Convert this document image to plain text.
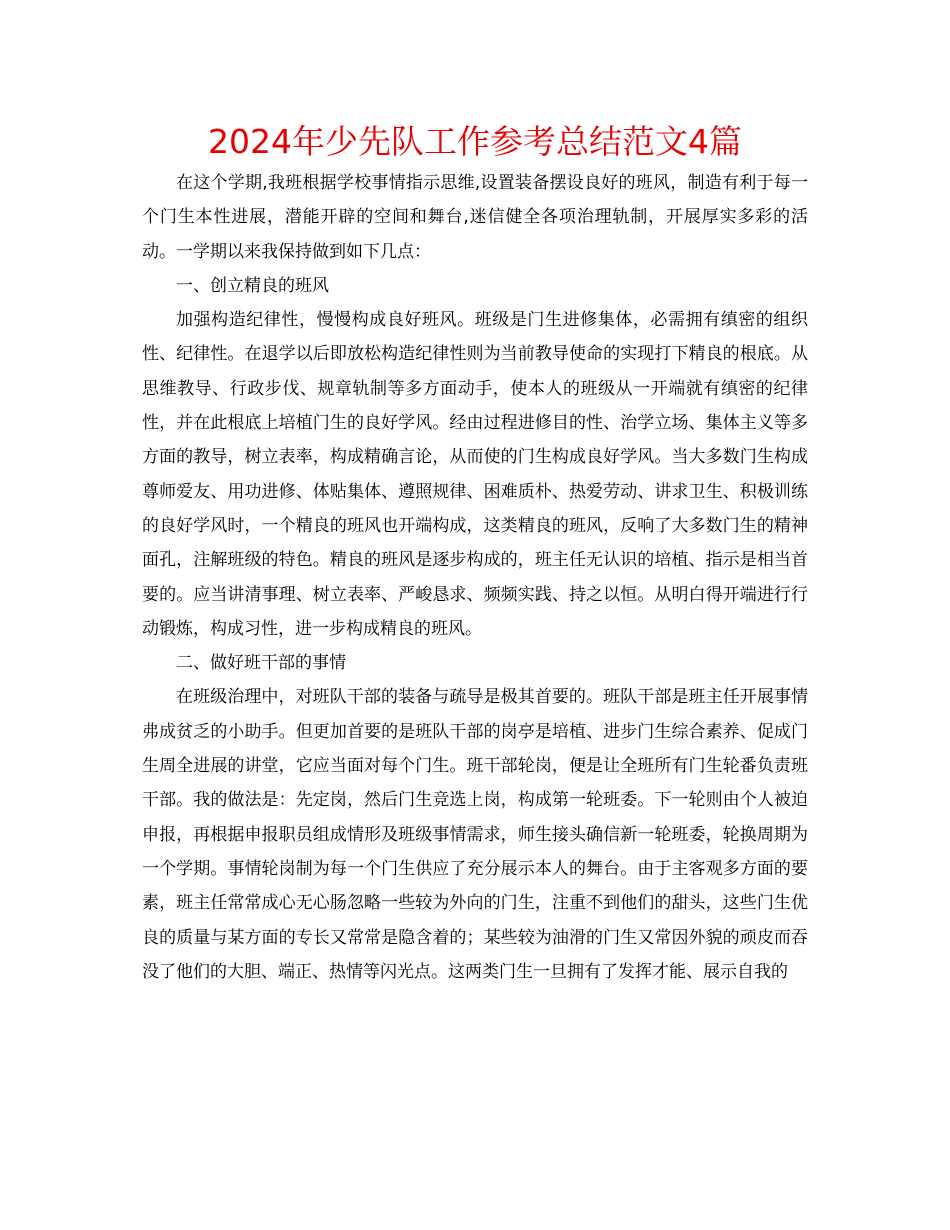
2024年少先队工作参考总结范文4篇

在这个学期,我班根据学校事情指示思维,设置装备摆设良好的班风，制造有利于每一个门生本性进展，潜能开辟的空间和舞台,迷信健全各项治理轨制，开展厚实多彩的活动。一学期以来我保持做到如下几点：

一、创立精良的班风

加强构造纪律性，慢慢构成良好班风。班级是门生进修集体，必需拥有缜密的组织性、纪律性。在退学以后即放松构造纪律性则为当前教导使命的实现打下精良的根底。从思维教导、行政步伐、规章轨制等多方面动手，使本人的班级从一开端就有缜密的纪律性，并在此根底上培植门生的良好学风。经由过程进修目的性、治学立场、集体主义等多方面的教导，树立表率，构成精确言论，从而使的门生构成良好学风。当大多数门生构成尊师爱友、用功进修、体贴集体、遵照规律、困难质朴、热爱劳动、讲求卫生、积极训练的良好学风时，一个精良的班风也开端构成，这类精良的班风，反响了大多数门生的精神面孔，注解班级的特色。精良的班风是逐步构成的，班主任无认识的培植、指示是相当首要的。应当讲清事理、树立表率、严峻恳求、频频实践、持之以恒。从明白得开端进行行动锻炼，构成习性，进一步构成精良的班风。

二、做好班干部的事情

在班级治理中，对班队干部的装备与疏导是极其首要的。班队干部是班主任开展事情弗成贫乏的小助手。但更加首要的是班队干部的岗亭是培植、进步门生综合素养、促成门生周全进展的讲堂，它应当面对每个门生。班干部轮岗，便是让全班所有门生轮番负责班干部。我的做法是：先定岗，然后门生竞选上岗，构成第一轮班委。下一轮则由个人被迫申报，再根据申报职员组成情形及班级事情需求，师生接头确信新一轮班委，轮换周期为一个学期。事情轮岗制为每一个门生供应了充分展示本人的舞台。由于主客观多方面的要素，班主任常常成心无心肠忽略一些较为外向的门生，注重不到他们的甜头，这些门生优良的质量与某方面的专长又常常是隐含着的；某些较为油滑的门生又常因外貌的顽皮而吞没了他们的大胆、端正、热情等闪光点。这两类门生一旦拥有了发挥才能、展示自我的
